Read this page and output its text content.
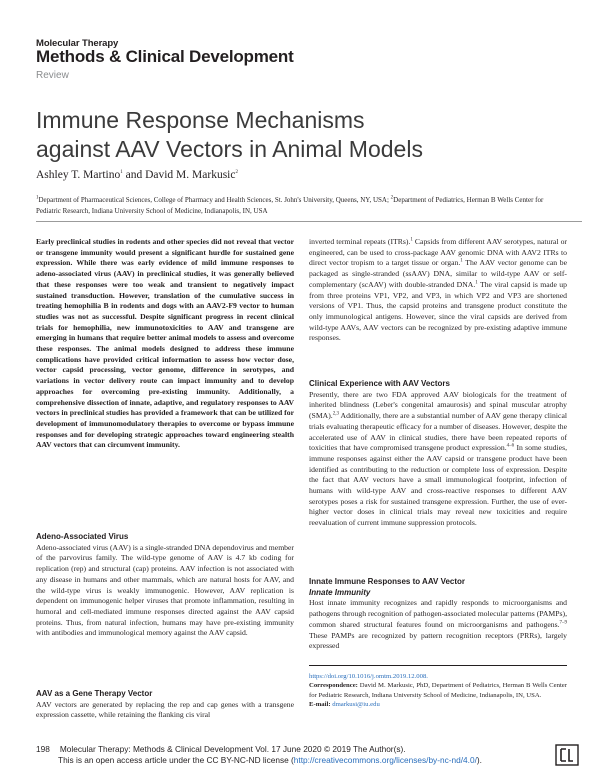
Molecular Therapy
Methods & Clinical Development
Review
Immune Response Mechanisms
against AAV Vectors in Animal Models
Ashley T. Martino$^1$ and David M. Markusic$^2$
$^1$Department of Pharmaceutical Sciences, College of Pharmacy and Health Sciences, St. John's University, Queens, NY, USA; $^2$Department of Pediatrics, Herman B Wells Center for Pediatric Research, Indiana University School of Medicine, Indianapolis, IN, USA

Early preclinical studies in rodents and other species did not reveal that vector or transgene immunity would present a significant hurdle for sustained gene expression. While there was early evidence of mild immune responses to adeno-associated virus (AAV) in preclinical studies, it was generally believed that these responses were too weak and transient to negatively impact sustained transduction. However, translation of the cumulative success in treating hemophilia B in rodents and dogs with an AAV2-F9 vector to human studies was not as successful. Despite significant progress in recent clinical trials for hemophilia, new immunotoxicities to AAV and transgene are emerging in humans that require better animal models to assess and overcome these responses. The animal models designed to address these immune complications have provided critical information to assess how vector dose, vector capsid processing, vector genome, difference in serotypes, and variations in vector delivery route can impact immunity and to develop approaches for overcoming pre-existing immunity. Additionally, a comprehensive dissection of innate, adaptive, and regulatory responses to AAV vectors in preclinical studies has provided a framework that can be utilized for development of immunomodulatory therapies to overcome or bypass immune responses and for developing strategic approaches toward engineering stealth AAV vectors that can circumvent immunity.

Adeno-Associated Virus

Adeno-associated virus (AAV) is a single-stranded DNA dependovirus and member of the parvovirus family. The wild-type genome of AAV is 4.7 kb coding for replication (rep) and structural (cap) proteins. AAV infection is not associated with any disease in humans and other mammals, which are natural hosts for AAV, and the wild-type virus is weakly immunogenic. However, AAV replication is dependent on immunogenic helper viruses that promote inflammation, resulting in humoral and cell-mediated immune responses directed against the AAV capsid proteins. Thus, from natural infection, humans may have pre-existing immunity with antibodies and immunological memory against the AAV capsid.

AAV as a Gene Therapy Vector

AAV vectors are generated by replacing the rep and cap genes with a transgene expression cassette, while retaining the flanking cis viral

inverted terminal repeats (ITRs).$^1$ Capsids from different AAV serotypes, natural or engineered, can be used to cross-package AAV genomic DNA with AAV2 ITRs to direct vector tropism to a target tissue or organ.$^1$ The AAV vector genome can be packaged as single-stranded (ssAAV) DNA, similar to wild-type AAV or self-complementary (scAAV) with double-stranded DNA.$^1$ The viral capsid is made up from three proteins VP1, VP2, and VP3, in which VP2 and VP3 are shortened versions of VP1. Thus, the capsid proteins and transgene product constitute the only immunological antigens. However, since the viral capsids are derived from wild-type AAVs, AAV vectors can be recognized by pre-existing adaptive immune responses.

Clinical Experience with AAV Vectors

Presently, there are two FDA approved AAV biologicals for the treatment of inherited blindness (Leber's congenital amaurosis) and spinal muscular atrophy (SMA).$^{2,3}$ Additionally, there are a substantial number of AAV gene therapy clinical trials evaluating therapeutic efficacy for a number of diseases. However, despite the accelerated use of AAV in clinical studies, there have been repeated reports of toxicities that have compromised transgene product expression.$^{4-6}$ In some studies, immune responses against either the AAV capsid or transgene product have been identified as contributing to the reduction or complete loss of expression. Despite the fact that AAV vectors have a small immunological footprint, infection of humans with wild-type AAV and cross-reactive responses to different AAV serotypes poses a risk for sustained transgene expression. Further, the use of ever-higher vector doses in clinical trials may reveal new toxicities and require reevaluation of current immune suppression protocols.

Innate Immune Responses to AAV Vector
Innate Immunity

Host innate immunity recognizes and rapidly responds to microorganisms and pathogens through recognition of pathogen-associated molecular patterns (PAMPs), common shared structural features found on microorganisms and pathogens.$^{7-9}$ These PAMPs are recognized by pattern recognition receptors (PRRs), largely expressed

https://doi.org/10.1016/j.omtm.2019.12.008.

Correspondence: David M. Markusic, PhD, Department of Pediatrics, Herman B Wells Center for Pediatric Research, Indiana University School of Medicine, Indianapolis, IN, USA.

E-mail: dmarkusi@iu.edu

198 Molecular Therapy: Methods & Clinical Development Vol. 17 June 2020 © 2019 The Author(s).
This is an open access article under the CC BY-NC-ND license (http://creativecommons.org/licenses/by-nc-nd/4.0/).
